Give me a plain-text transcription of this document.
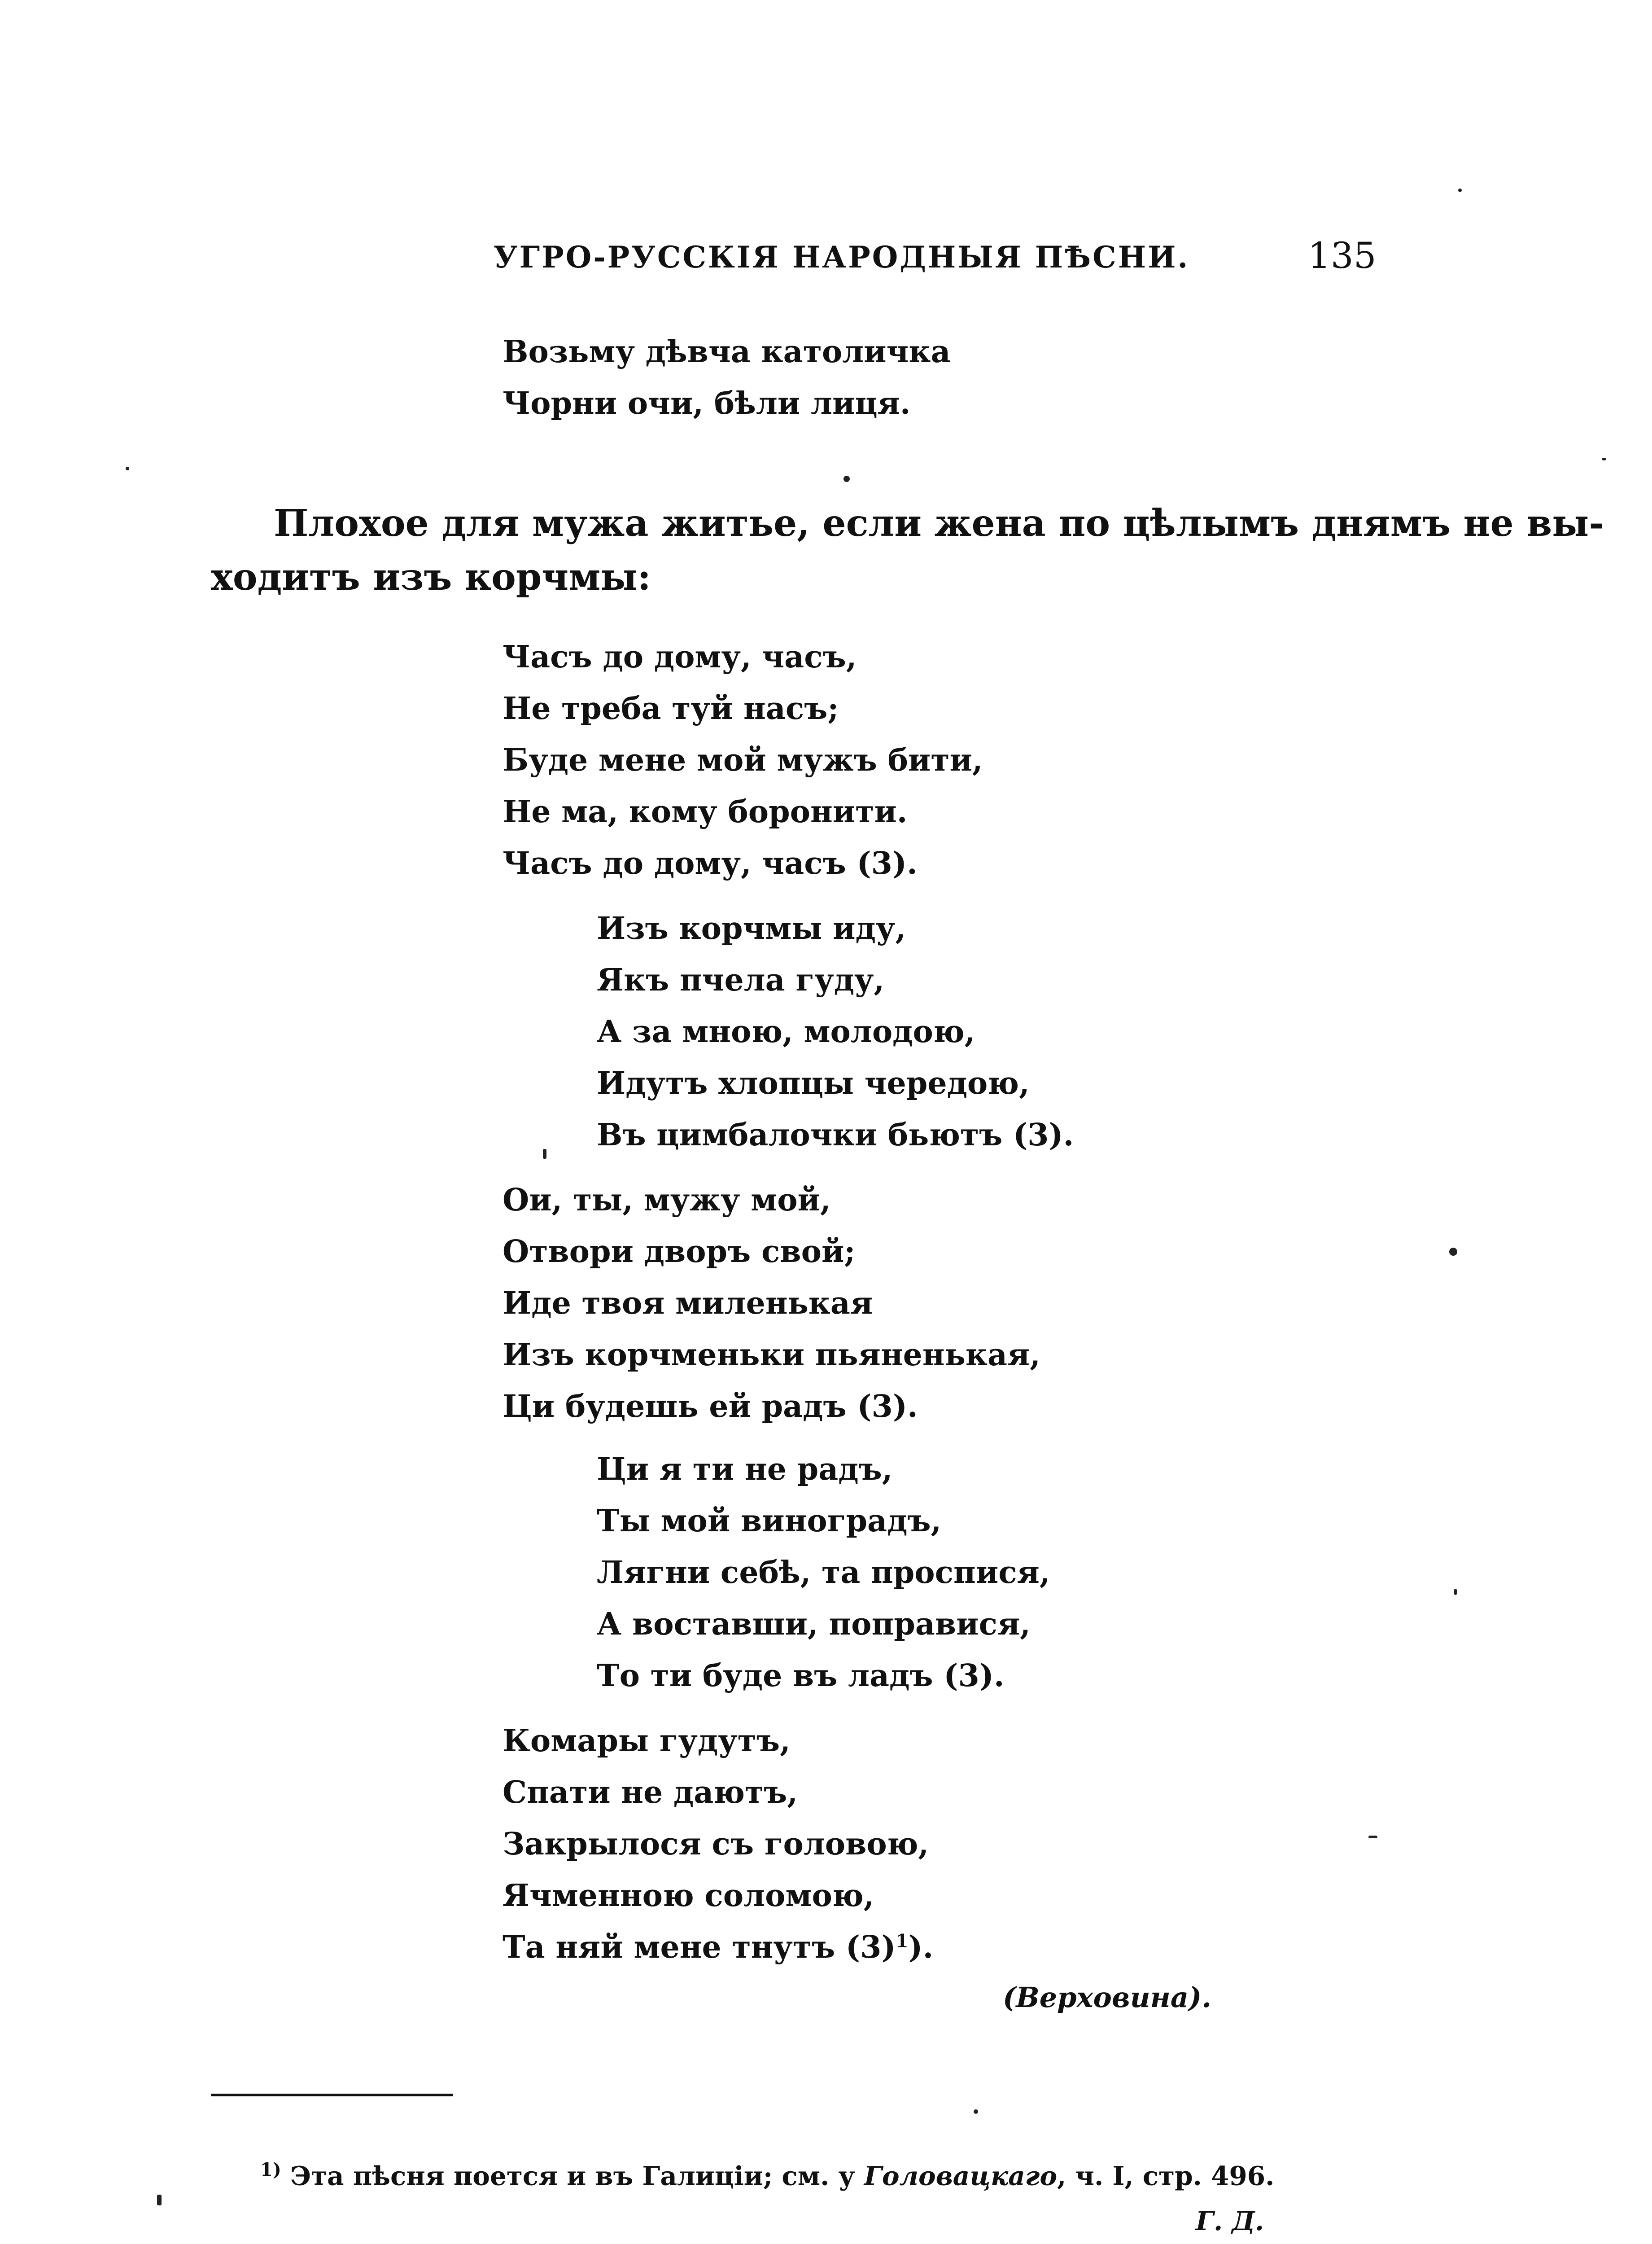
УГРО-РУССКІЯ НАРОДНЫЯ ПѢСНИ.	135
Возьму дѣвча католичка
Чорни очи, бѣли лиця.
Плохое для мужа житье, если жена по цѣлымъ днямъ не вы-
ходитъ изъ корчмы:
Часъ до дому, часъ,
Не треба туй насъ;
Буде мене мой мужъ бити,
Не ма, кому боронити.
Часъ до дому, часъ (3).
Изъ корчмы иду,
Якъ пчела гуду,
А за мною, молодою,
Идутъ хлопцы чередою,
Въ цимбалочки бьютъ (3).
Ои, ты, мужу мой,
Отвори дворъ свой;
Иде твоя миленькая
Изъ корчменьки пьяненькая,
Ци будешь ей радъ (3).
Ци я ти не радъ,
Ты мой виноградъ,
Лягни себѣ, та проспися,
А воставши, поправися,
То ти буде въ ладъ (3).
Комары гудутъ,
Спати не даютъ,
Закрылося съ головою,
Ячменною соломою,
Та няй мене тнутъ $(3)^1$).
(Верховина).
$^{1)}$ Эта пѣсня поется и въ Галиціи; см. у Головацкаго, ч. I, стр. 496.
Г. Д.
